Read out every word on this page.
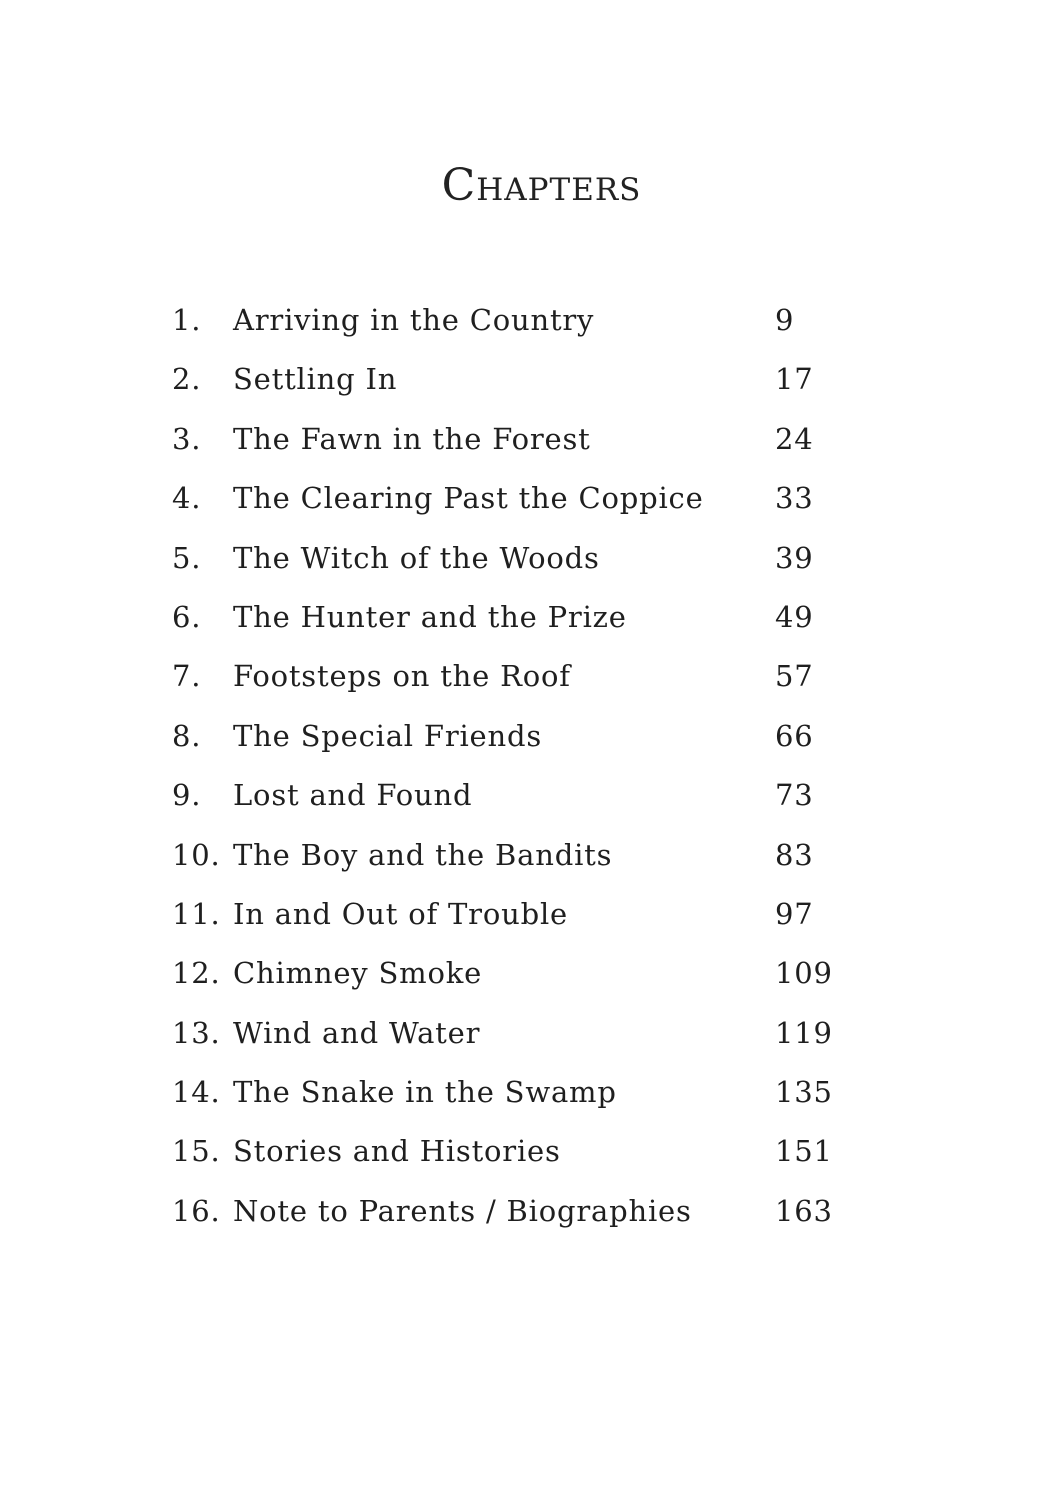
Chapters
1. Arriving in the Country	9
2. Settling In	17
3. The Fawn in the Forest	24
4. The Clearing Past the Coppice 33
5. The Witch of the Woods	39
6. The Hunter and the Prize	49
7. Footsteps on the Roof	57
8. The Special Friends	66
9. Lost and Found	73
10. The Boy and the Bandits	83
11. In and Out of Trouble	97
12. Chimney Smoke	109
13. Wind and Water	119
14. The Snake in the Swamp	135
15. Stories and Histories	151
16. Note to Parents / Biographies	163
